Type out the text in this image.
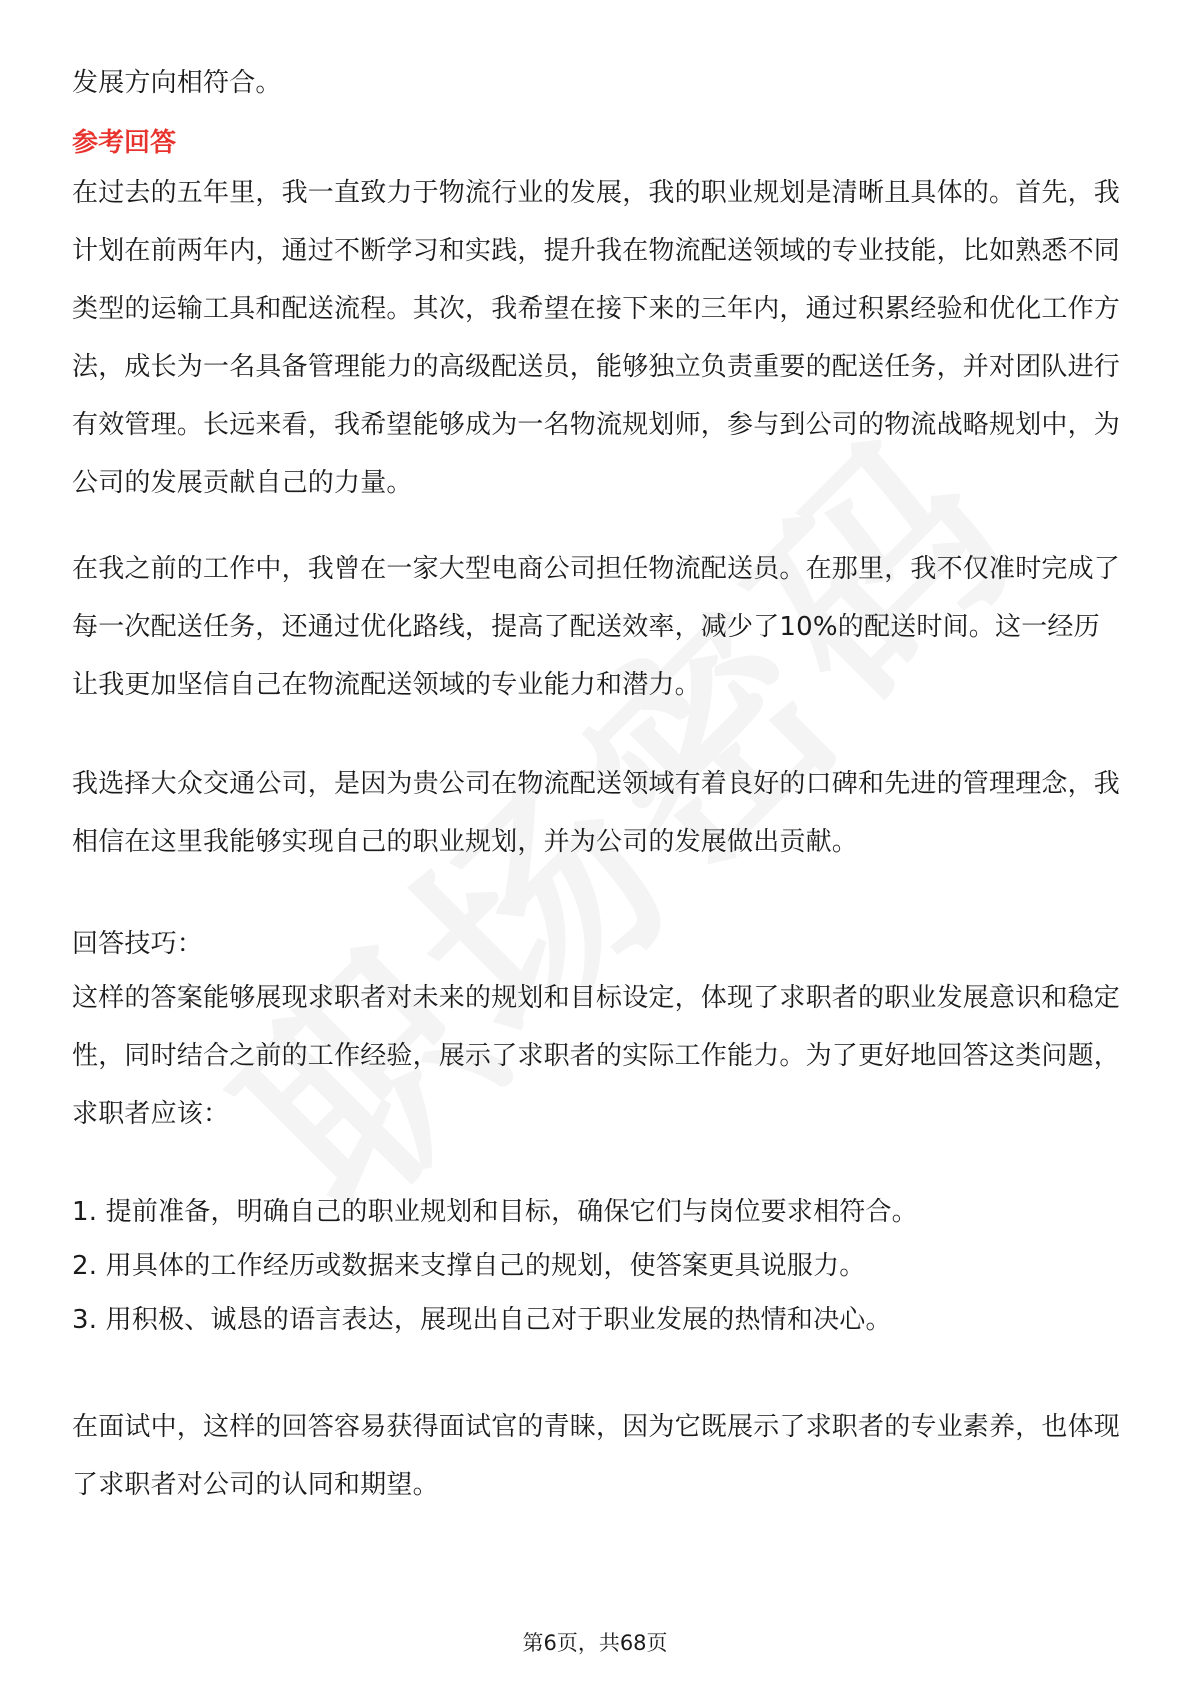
发展方向相符合。

参考回答

在过去的五年里，我一直致力于物流行业的发展，我的职业规划是清晰且具体的。首先，我计划在前两年内，通过不断学习和实践，提升我在物流配送领域的专业技能，比如熟悉不同类型的运输工具和配送流程。其次，我希望在接下来的三年内，通过积累经验和优化工作方法，成长为一名具备管理能力的高级配送员，能够独立负责重要的配送任务，并对团队进行有效管理。长远来看，我希望能够成为一名物流规划师，参与到公司的物流战略规划中，为公司的发展贡献自己的力量。

在我之前的工作中，我曾在一家大型电商公司担任物流配送员。在那里，我不仅准时完成了每一次配送任务，还通过优化路线，提高了配送效率，减少了10%的配送时间。这一经历让我更加坚信自己在物流配送领域的专业能力和潜力。

我选择大众交通公司，是因为贵公司在物流配送领域有着良好的口碑和先进的管理理念，我相信在这里我能够实现自己的职业规划，并为公司的发展做出贡献。

回答技巧：

这样的答案能够展现求职者对未来的规划和目标设定，体现了求职者的职业发展意识和稳定性，同时结合之前的工作经验，展示了求职者的实际工作能力。为了更好地回答这类问题，求职者应该：

1. 提前准备，明确自己的职业规划和目标，确保它们与岗位要求相符合。

2. 用具体的工作经历或数据来支撑自己的规划，使答案更具说服力。

3. 用积极、诚恳的语言表达，展现出自己对于职业发展的热情和决心。

在面试中，这样的回答容易获得面试官的青睐，因为它既展示了求职者的专业素养，也体现了求职者对公司的认同和期望。

第6页，共68页
